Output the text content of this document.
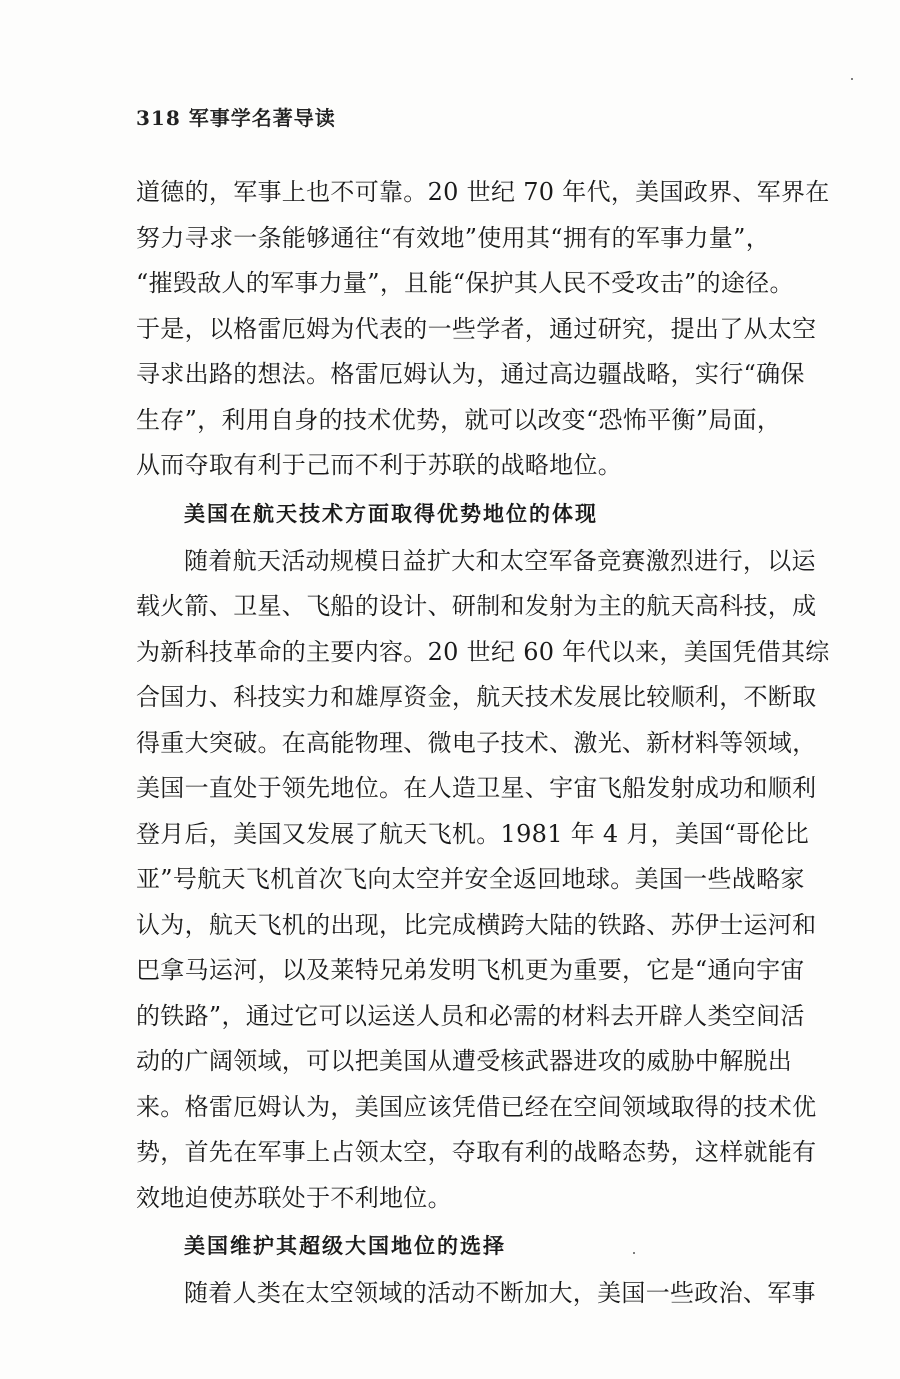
318 军事学名著导读
道德的，军事上也不可靠。20 世纪 70 年代，美国政界、军界在
努力寻求一条能够通往“有效地”使用其“拥有的军事力量”，
“摧毁敌人的军事力量”，且能“保护其人民不受攻击”的途径。
于是，以格雷厄姆为代表的一些学者，通过研究，提出了从太空
寻求出路的想法。格雷厄姆认为，通过高边疆战略，实行“确保
生存”，利用自身的技术优势，就可以改变“恐怖平衡”局面，
从而夺取有利于己而不利于苏联的战略地位。
美国在航天技术方面取得优势地位的体现
随着航天活动规模日益扩大和太空军备竞赛激烈进行，以运
载火箭、卫星、飞船的设计、研制和发射为主的航天高科技，成
为新科技革命的主要内容。20 世纪 60 年代以来，美国凭借其综
合国力、科技实力和雄厚资金，航天技术发展比较顺利，不断取
得重大突破。在高能物理、微电子技术、激光、新材料等领域，
美国一直处于领先地位。在人造卫星、宇宙飞船发射成功和顺利
登月后，美国又发展了航天飞机。1981 年 4 月，美国“哥伦比
亚”号航天飞机首次飞向太空并安全返回地球。美国一些战略家
认为，航天飞机的出现，比完成横跨大陆的铁路、苏伊士运河和
巴拿马运河，以及莱特兄弟发明飞机更为重要，它是“通向宇宙
的铁路”，通过它可以运送人员和必需的材料去开辟人类空间活
动的广阔领域，可以把美国从遭受核武器进攻的威胁中解脱出
来。格雷厄姆认为，美国应该凭借已经在空间领域取得的技术优
势，首先在军事上占领太空，夺取有利的战略态势，这样就能有
效地迫使苏联处于不利地位。
美国维护其超级大国地位的选择
随着人类在太空领域的活动不断加大，美国一些政治、军事
